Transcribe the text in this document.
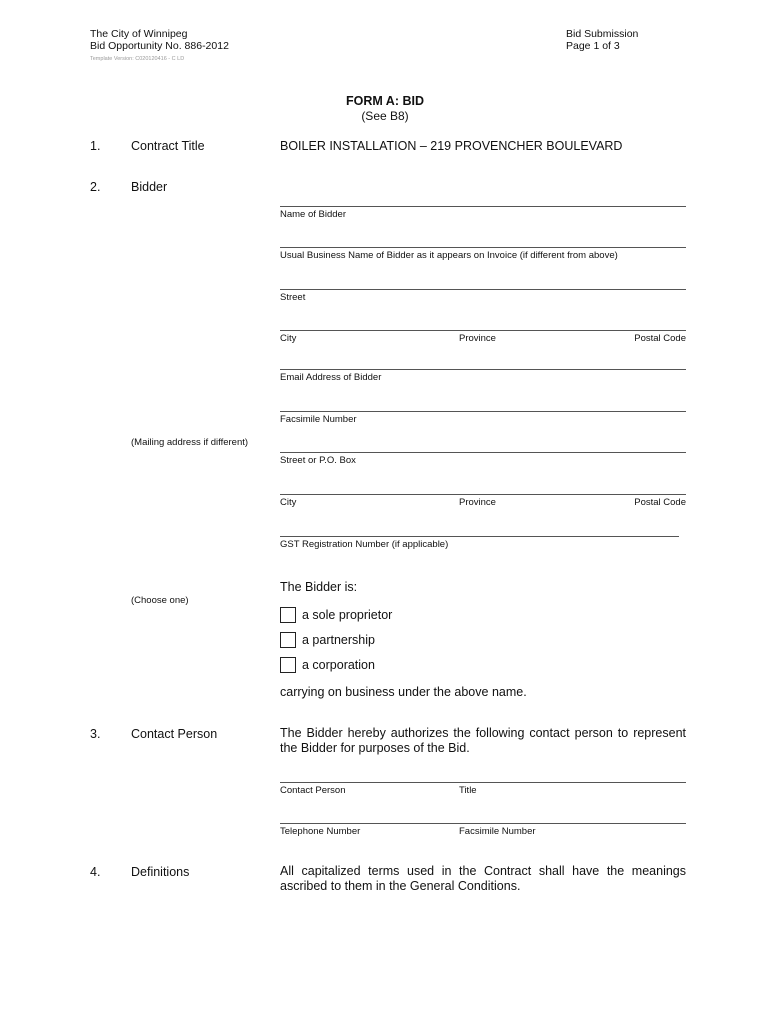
The City of Winnipeg
Bid Opportunity No. 886-2012
Template Version: C020120416 - C LD
Bid Submission
Page 1 of 3
FORM A: BID
(See B8)
1. Contract Title	BOILER INSTALLATION – 219 PROVENCHER BOULEVARD
2. Bidder
Name of Bidder
Usual Business Name of Bidder as it appears on Invoice (if different from above)
Street
City	Province	Postal Code
Email Address of Bidder
Facsimile Number
(Mailing address if different)
Street or P.O. Box
City	Province	Postal Code
GST Registration Number (if applicable)
The Bidder is:
(Choose one)
a sole proprietor
a partnership
a corporation
carrying on business under the above name.
3. Contact Person	The Bidder hereby authorizes the following contact person to represent the Bidder for purposes of the Bid.
Contact Person	Title
Telephone Number	Facsimile Number
4. Definitions	All capitalized terms used in the Contract shall have the meanings ascribed to them in the General Conditions.
